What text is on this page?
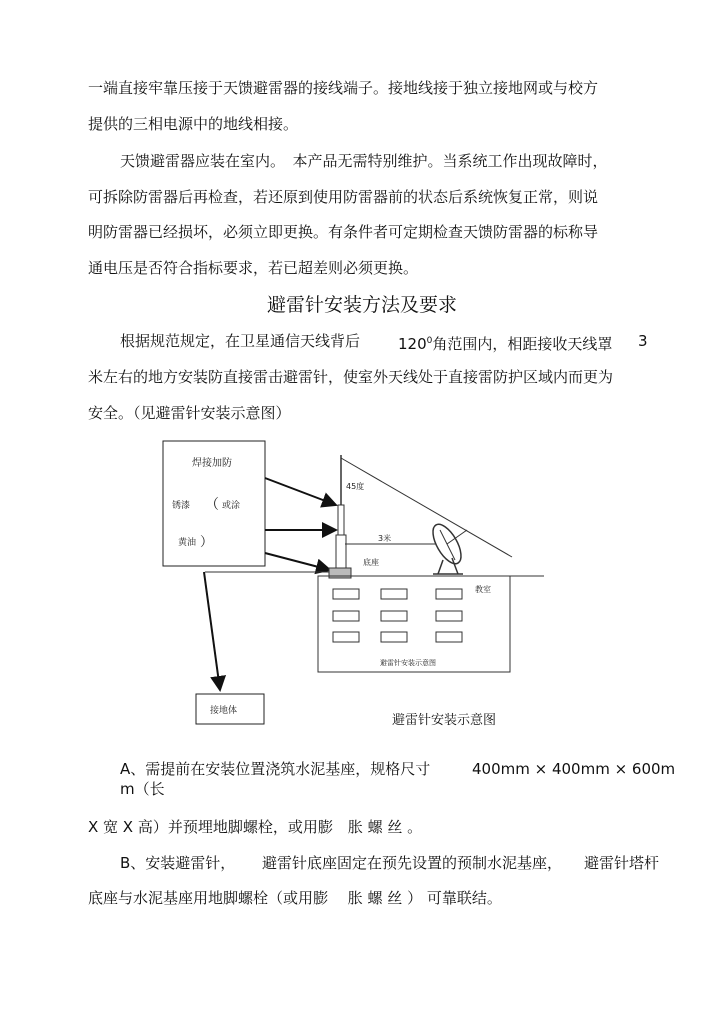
一端直接牢靠压接于天馈避雷器的接线端子。接地线接于独立接地网或与校方
提供的三相电源中的地线相接。
天馈避雷器应装在室内。　本产品无需特别维护。当系统工作出现故障时，
可拆除防雷器后再检查，若还原到使用防雷器前的状态后系统恢复正常，则说
明防雷器已经损坏，必须立即更换。有条件者可定期检查天馈防雷器的标称导
通电压是否符合指标要求，若已超差则必须更换。
避雷针安装方法及要求
根据规范规定，在卫星通信天线背后	$120^0$角范围内，相距接收天线罩 3
米左右的地方安装防直接雷击避雷针，使室外天线处于直接雷防护区域内而更为
安全。（见避雷针安装示意图）
焊接加防
锈漆 （ 或涂
黄油 ）
接地体
底座
45度
3米
教室
避雷针安装示意图
避雷针安装示意图
A、需提前在安装位置浇筑水泥基座，规格尺寸	400mm × 400mm × 600m
m（长
X 宽 X 高）并预埋地脚螺栓，或用膨　胀 螺 丝 。
B、安装避雷针， 避雷针底座固定在预先设置的预制水泥基座， 避雷针塔杆
底座与水泥基座用地脚螺栓（或用膨　 胀 螺 丝 ） 可靠联结。
